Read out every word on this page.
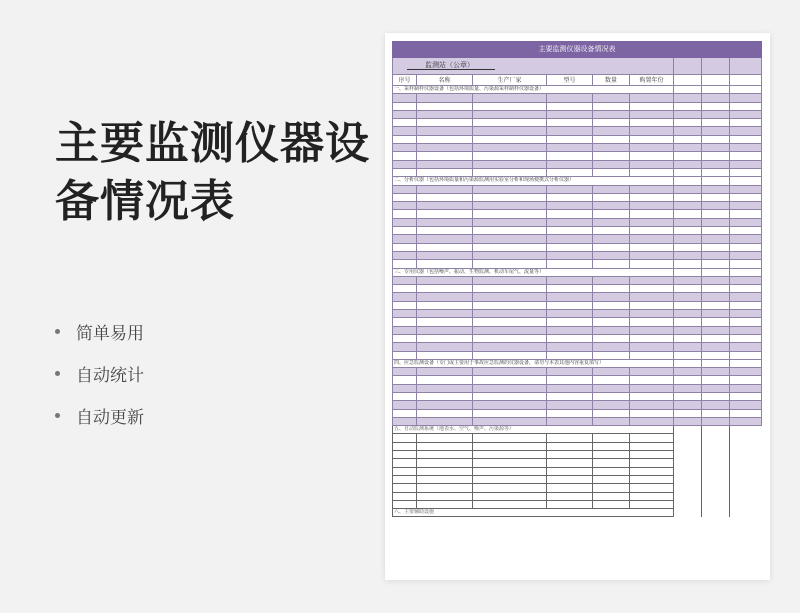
主要监测仪器设备情况表
简单易用
自动统计
自动更新
主要监测仪器设备情况表								
监测站（公章）								
序号	名称	生产厂家	型号	数量	购置年份			
一、采样制样仪器设备（包括环境质量、污染源采样制样仪器设备）								

二、分析仪器（包括环境质量和污染源监测用实验室分析和现场便携式分析仪器）								

三、专用仪器（包括噪声、振动、生物监测、机动车尾气、流量等）								

四、应急监测设备（专门或主要用于事故应急监测的仪器设备，请勿与本表其他内容重复填写）								

五、自动监测系统（地表水、空气、噪声、污染源等）								

六、主要辅助设施								
